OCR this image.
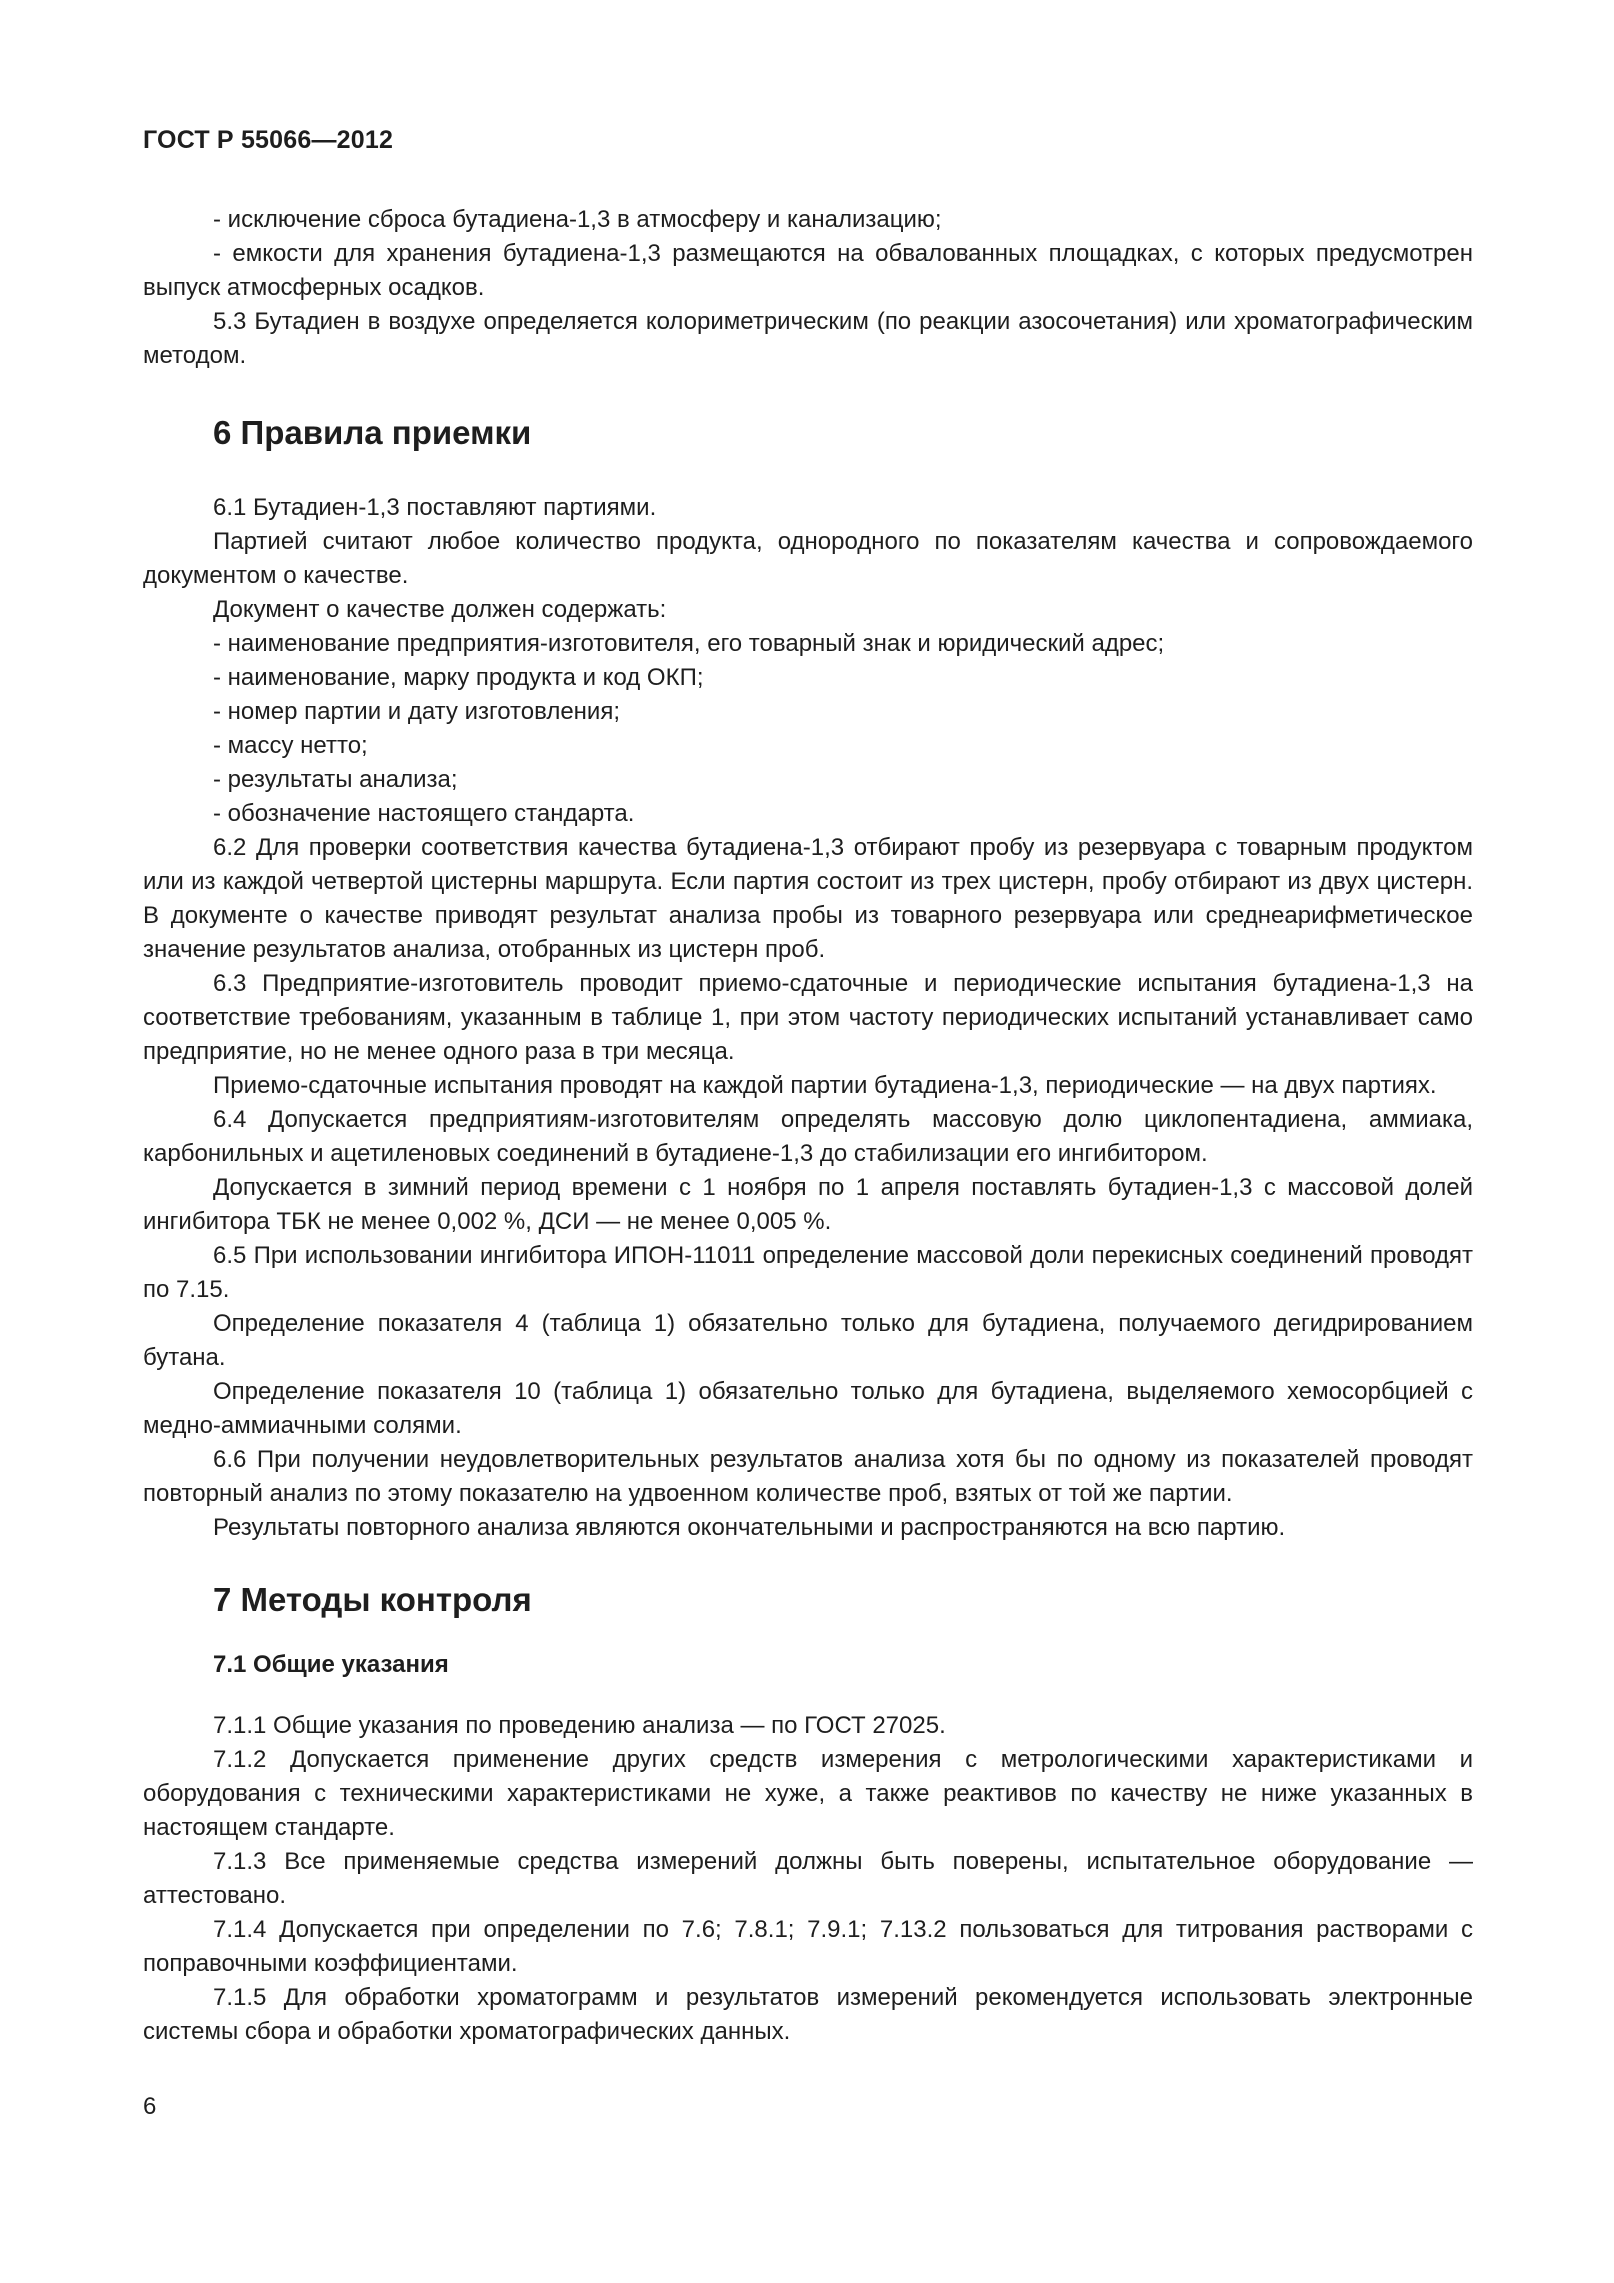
ГОСТ Р 55066—2012

- исключение сброса бутадиена-1,3 в атмосферу и канализацию;

- емкости для хранения бутадиена-1,3 размещаются на обвалованных площадках, с которых предусмотрен выпуск атмосферных осадков.

5.3 Бутадиен в воздухе определяется колориметрическим (по реакции азосочетания) или хроматографическим методом.

6 Правила приемки

6.1 Бутадиен-1,3 поставляют партиями.

Партией считают любое количество продукта, однородного по показателям качества и сопровождаемого документом о качестве.

Документ о качестве должен содержать:

- наименование предприятия-изготовителя, его товарный знак и юридический адрес;

- наименование, марку продукта и код ОКП;

- номер партии и дату изготовления;

- массу нетто;

- результаты анализа;

- обозначение настоящего стандарта.

6.2 Для проверки соответствия качества бутадиена-1,3 отбирают пробу из резервуара с товарным продуктом или из каждой четвертой цистерны маршрута. Если партия состоит из трех цистерн, пробу отбирают из двух цистерн. В документе о качестве приводят результат анализа пробы из товарного резервуара или среднеарифметическое значение результатов анализа, отобранных из цистерн проб.

6.3 Предприятие-изготовитель проводит приемо-сдаточные и периодические испытания бутадиена-1,3 на соответствие требованиям, указанным в таблице 1, при этом частоту периодических испытаний устанавливает само предприятие, но не менее одного раза в три месяца.

Приемо-сдаточные испытания проводят на каждой партии бутадиена-1,3, периодические — на двух партиях.

6.4 Допускается предприятиям-изготовителям определять массовую долю циклопентадиена, аммиака, карбонильных и ацетиленовых соединений в бутадиене-1,3 до стабилизации его ингибитором.

Допускается в зимний период времени с 1 ноября по 1 апреля поставлять бутадиен-1,3 с массовой долей ингибитора ТБК не менее 0,002 %, ДСИ — не менее 0,005 %.

6.5 При использовании ингибитора ИПОН-11011 определение массовой доли перекисных соединений проводят по 7.15.

Определение показателя 4 (таблица 1) обязательно только для бутадиена, получаемого дегидрированием бутана.

Определение показателя 10 (таблица 1) обязательно только для бутадиена, выделяемого хемосорбцией с медно-аммиачными солями.

6.6 При получении неудовлетворительных результатов анализа хотя бы по одному из показателей проводят повторный анализ по этому показателю на удвоенном количестве проб, взятых от той же партии.

Результаты повторного анализа являются окончательными и распространяются на всю партию.

7 Методы контроля
7.1 Общие указания

7.1.1 Общие указания по проведению анализа — по ГОСТ 27025.

7.1.2 Допускается применение других средств измерения с метрологическими характеристиками и оборудования с техническими характеристиками не хуже, а также реактивов по качеству не ниже указанных в настоящем стандарте.

7.1.3 Все применяемые средства измерений должны быть поверены, испытательное оборудование — аттестовано.

7.1.4 Допускается при определении по 7.6; 7.8.1; 7.9.1; 7.13.2 пользоваться для титрования растворами с поправочными коэффициентами.

7.1.5 Для обработки хроматограмм и результатов измерений рекомендуется использовать электронные системы сбора и обработки хроматографических данных.

6
